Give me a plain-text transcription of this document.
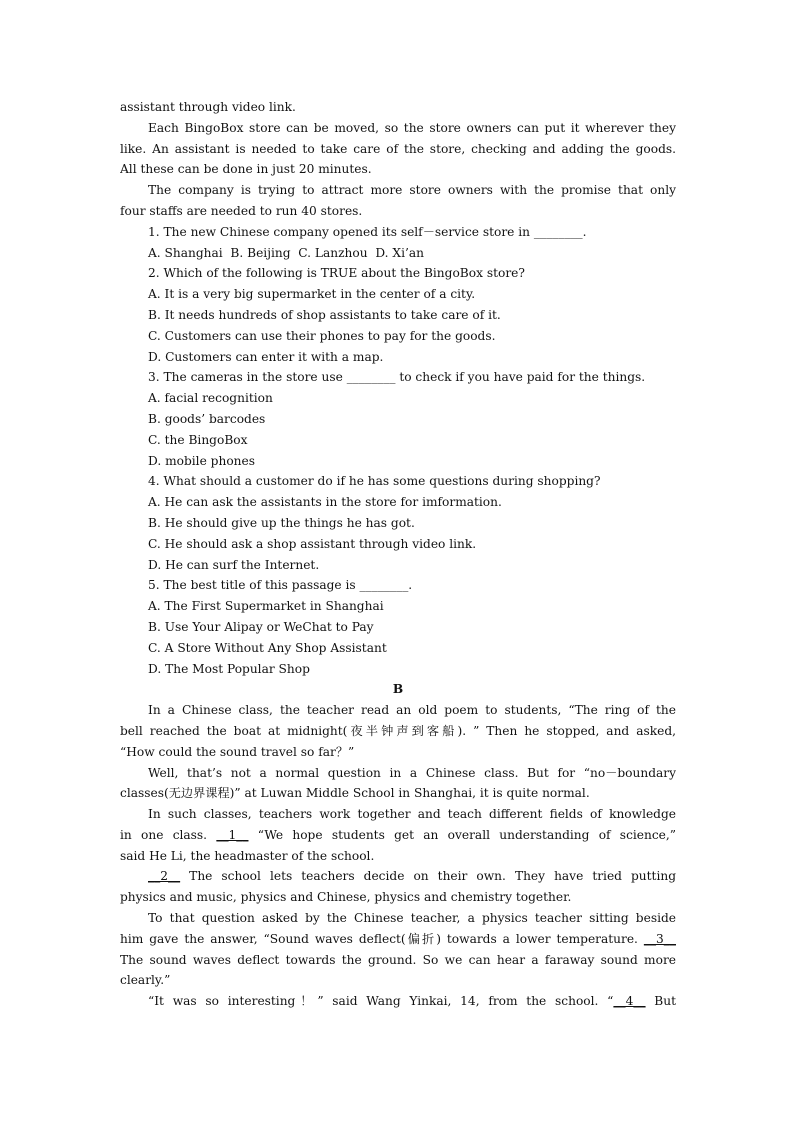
assistant through video link.
Each BingoBox store can be moved, so the store owners can put it wherever they
like. An assistant is needed to take care of the store, checking and adding the goods.
All these can be done in just 20 minutes.
The company is trying to attract more store owners with the promise that only
four staffs are needed to run 40 stores.
1. The new Chinese company opened its self－service store in ________.
A. Shanghai  B. Beijing  C. Lanzhou  D. Xi’an
2. Which of the following is TRUE about the BingoBox store?
A. It is a very big supermarket in the center of a city.
B. It needs hundreds of shop assistants to take care of it.
C. Customers can use their phones to pay for the goods.
D. Customers can enter it with a map.
3. The cameras in the store use ________ to check if you have paid for the things.
A. facial recognition
B. goods’ barcodes
C. the BingoBox
D. mobile phones
4. What should a customer do if he has some questions during shopping?
A. He can ask the assistants in the store for imformation.
B. He should give up the things he has got.
C. He should ask a shop assistant through video link.
D. He can surf the Internet.
5. The best title of this passage is ________.
A. The First Supermarket in Shanghai
B. Use Your Alipay or WeChat to Pay
C. A Store Without Any Shop Assistant
D. The Most Popular Shop
B
In a Chinese class, the teacher read an old poem to students, “The ring of the
bell reached the boat at midnight(夜半钟声到客船). ” Then he stopped, and asked,
“How could the sound travel so far？”
Well, that’s not a normal question in a Chinese class. But for “no－boundary
classes(无边界课程)” at Luwan Middle School in Shanghai, it is quite normal.
In such classes, teachers work together and teach different fields of knowledge
in one class. __1__ “We hope students get an overall understanding of science,”
said He Li, the headmaster of the school.
__2__ The school lets teachers decide on their own. They have tried putting
physics and music, physics and Chinese, physics and chemistry together.
To that question asked by the Chinese teacher, a physics teacher sitting beside
him gave the answer, “Sound waves deflect(偏折) towards a lower temperature. __3__
The sound waves deflect towards the ground. So we can hear a faraway sound more
clearly.”
“It was so interesting！” said Wang Yinkai, 14, from the school. “__4__ But
